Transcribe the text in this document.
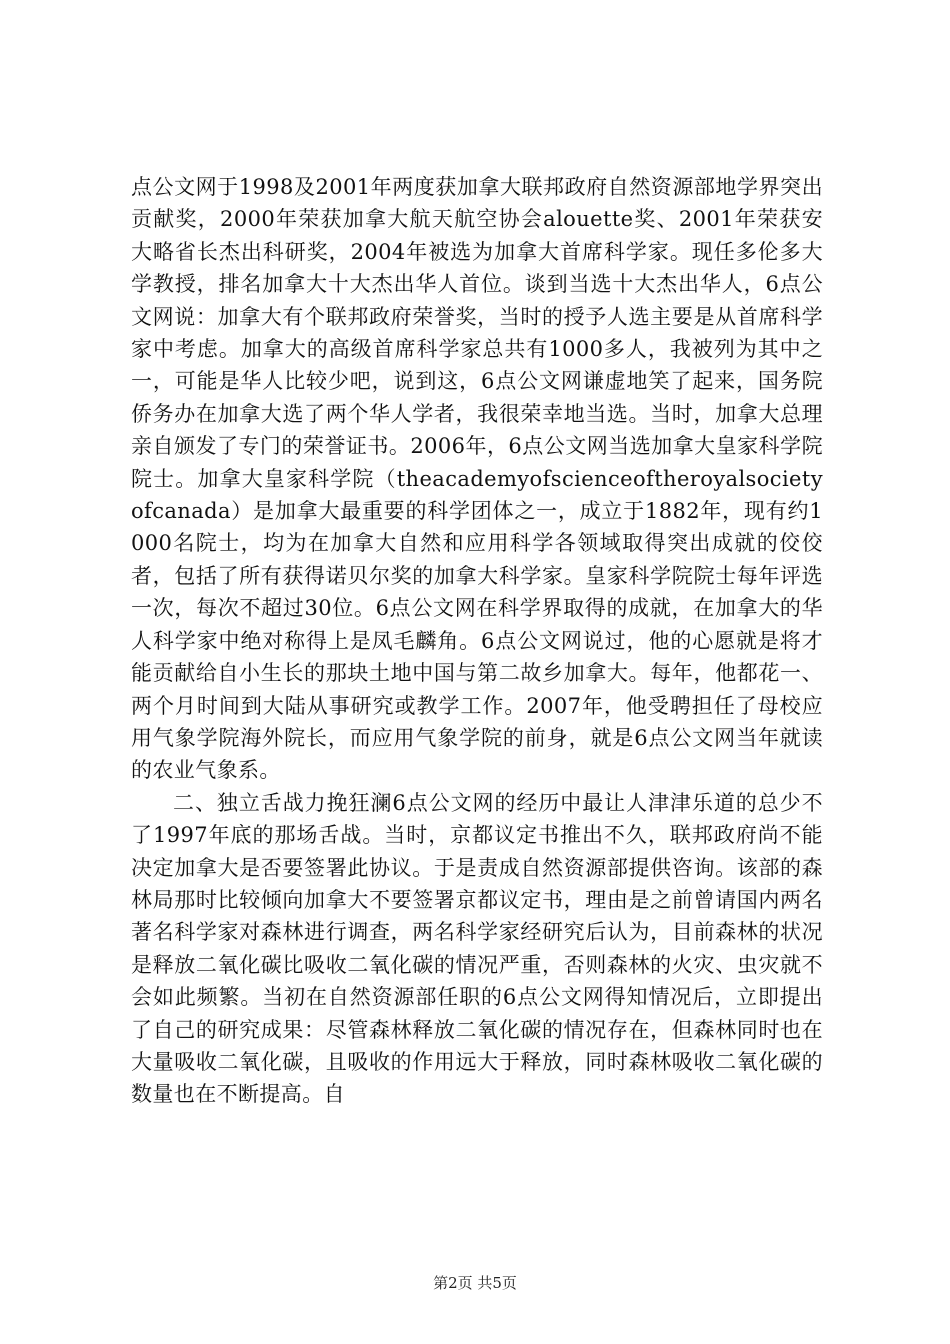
点公文网于1998及2001年两度获加拿大联邦政府自然资源部地学界突出贡献奖，2000年荣获加拿大航天航空协会alouette奖、2001年荣获安大略省长杰出科研奖，2004年被选为加拿大首席科学家。现任多伦多大学教授，排名加拿大十大杰出华人首位。谈到当选十大杰出华人，6点公文网说：加拿大有个联邦政府荣誉奖，当时的授予人选主要是从首席科学家中考虑。加拿大的高级首席科学家总共有1000多人，我被列为其中之一，可能是华人比较少吧，说到这，6点公文网谦虚地笑了起来，国务院侨务办在加拿大选了两个华人学者，我很荣幸地当选。当时，加拿大总理亲自颁发了专门的荣誉证书。2006年，6点公文网当选加拿大皇家科学院院士。加拿大皇家科学院（theacademyofscienceoftheroyalsocietyofcanada）是加拿大最重要的科学团体之一，成立于1882年，现有约1000名院士，均为在加拿大自然和应用科学各领域取得突出成就的佼佼者，包括了所有获得诺贝尔奖的加拿大科学家。皇家科学院院士每年评选一次，每次不超过30位。6点公文网在科学界取得的成就，在加拿大的华人科学家中绝对称得上是凤毛麟角。6点公文网说过，他的心愿就是将才能贡献给自小生长的那块土地中国与第二故乡加拿大。每年，他都花一、两个月时间到大陆从事研究或教学工作。2007年，他受聘担任了母校应用气象学院海外院长，而应用气象学院的前身，就是6点公文网当年就读的农业气象系。

二、独立舌战力挽狂澜6点公文网的经历中最让人津津乐道的总少不了1997年底的那场舌战。当时，京都议定书推出不久，联邦政府尚不能决定加拿大是否要签署此协议。于是责成自然资源部提供咨询。该部的森林局那时比较倾向加拿大不要签署京都议定书，理由是之前曾请国内两名著名科学家对森林进行调查，两名科学家经研究后认为，目前森林的状况是释放二氧化碳比吸收二氧化碳的情况严重，否则森林的火灾、虫灾就不会如此频繁。当初在自然资源部任职的6点公文网得知情况后，立即提出了自己的研究成果：尽管森林释放二氧化碳的情况存在，但森林同时也在大量吸收二氧化碳，且吸收的作用远大于释放，同时森林吸收二氧化碳的数量也在不断提高。自

第2页 共5页
